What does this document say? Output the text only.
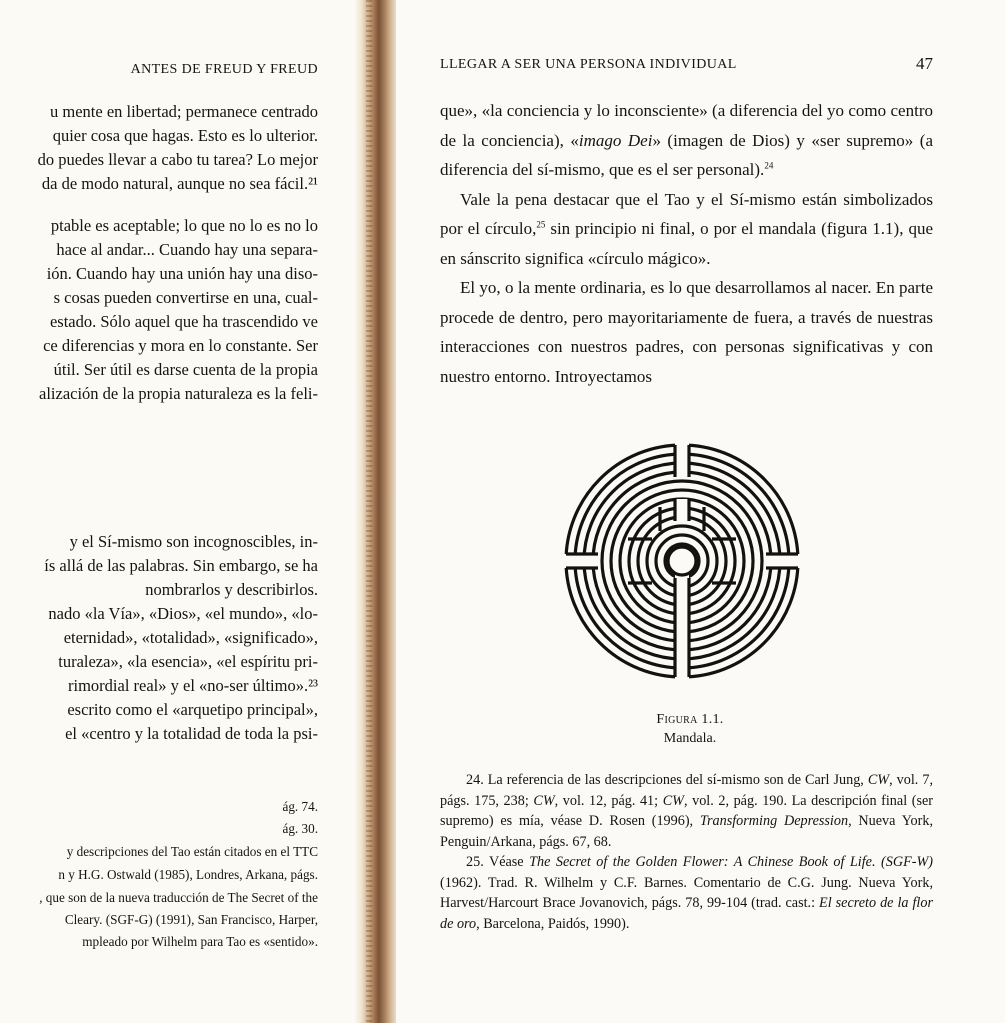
ANTES DE FREUD Y FREUD
u mente en libertad; permanece centrado
quier cosa que hagas. Esto es lo ulterior.
do puedes llevar a cabo tu tarea? Lo mejor
da de modo natural, aunque no sea fácil.²¹
ptable es aceptable; lo que no lo es no lo
hace al andar... Cuando hay una separa-
ión. Cuando hay una unión hay una diso-
s cosas pueden convertirse en una, cual-
estado. Sólo aquel que ha trascendido ve
ce diferencias y mora en lo constante. Ser
útil. Ser útil es darse cuenta de la propia
alización de la propia naturaleza es la feli-
y el Sí-mismo son incognoscibles, in-
ís allá de las palabras. Sin embargo, se ha
nombrarlos y describirlos.
nado «la Vía», «Dios», «el mundo», «lo-
eternidad», «totalidad», «significado»,
turaleza», «la esencia», «el espíritu pri-
rimordial real» y el «no-ser último».²³
escrito como el «arquetipo principal»,
el «centro y la totalidad de toda la psi-
ág. 74.
ág. 30.
y descripciones del Tao están citados en el TTC
n y H.G. Ostwald (1985), Londres, Arkana, págs.
, que son de la nueva traducción de The Secret of the
Cleary. (SGF-G) (1991), San Francisco, Harper,
mpleado por Wilhelm para Tao es «sentido».
LLEGAR A SER UNA PERSONA INDIVIDUAL	47

que», «la conciencia y lo inconsciente» (a diferencia del yo como centro de la conciencia), «imago Dei» (imagen de Dios) y «ser supremo» (a diferencia del sí-mismo, que es el ser personal).$^{24}$

Vale la pena destacar que el Tao y el Sí-mismo están simbolizados por el círculo,$^{25}$ sin principio ni final, o por el mandala (figura 1.1), que en sánscrito significa «círculo mágico».

El yo, o la mente ordinaria, es lo que desarrollamos al nacer. En parte procede de dentro, pero mayoritariamente de fuera, a través de nuestras interacciones con nuestros padres, con personas significativas y con nuestro entorno. Introyectamos

Figura 1.1.
Mandala.

24. La referencia de las descripciones del sí-mismo son de Carl Jung, CW, vol. 7, págs. 175, 238; CW, vol. 12, pág. 41; CW, vol. 2, pág. 190. La descripción final (ser supremo) es mía, véase D. Rosen (1996), Transforming Depression, Nueva York, Penguin/Arkana, págs. 67, 68.

25. Véase The Secret of the Golden Flower: A Chinese Book of Life. (SGF-W) (1962). Trad. R. Wilhelm y C.F. Barnes. Comentario de C.G. Jung. Nueva York, Harvest/Harcourt Brace Jovanovich, págs. 78, 99-104 (trad. cast.: El secreto de la flor de oro, Barcelona, Paidós, 1990).
